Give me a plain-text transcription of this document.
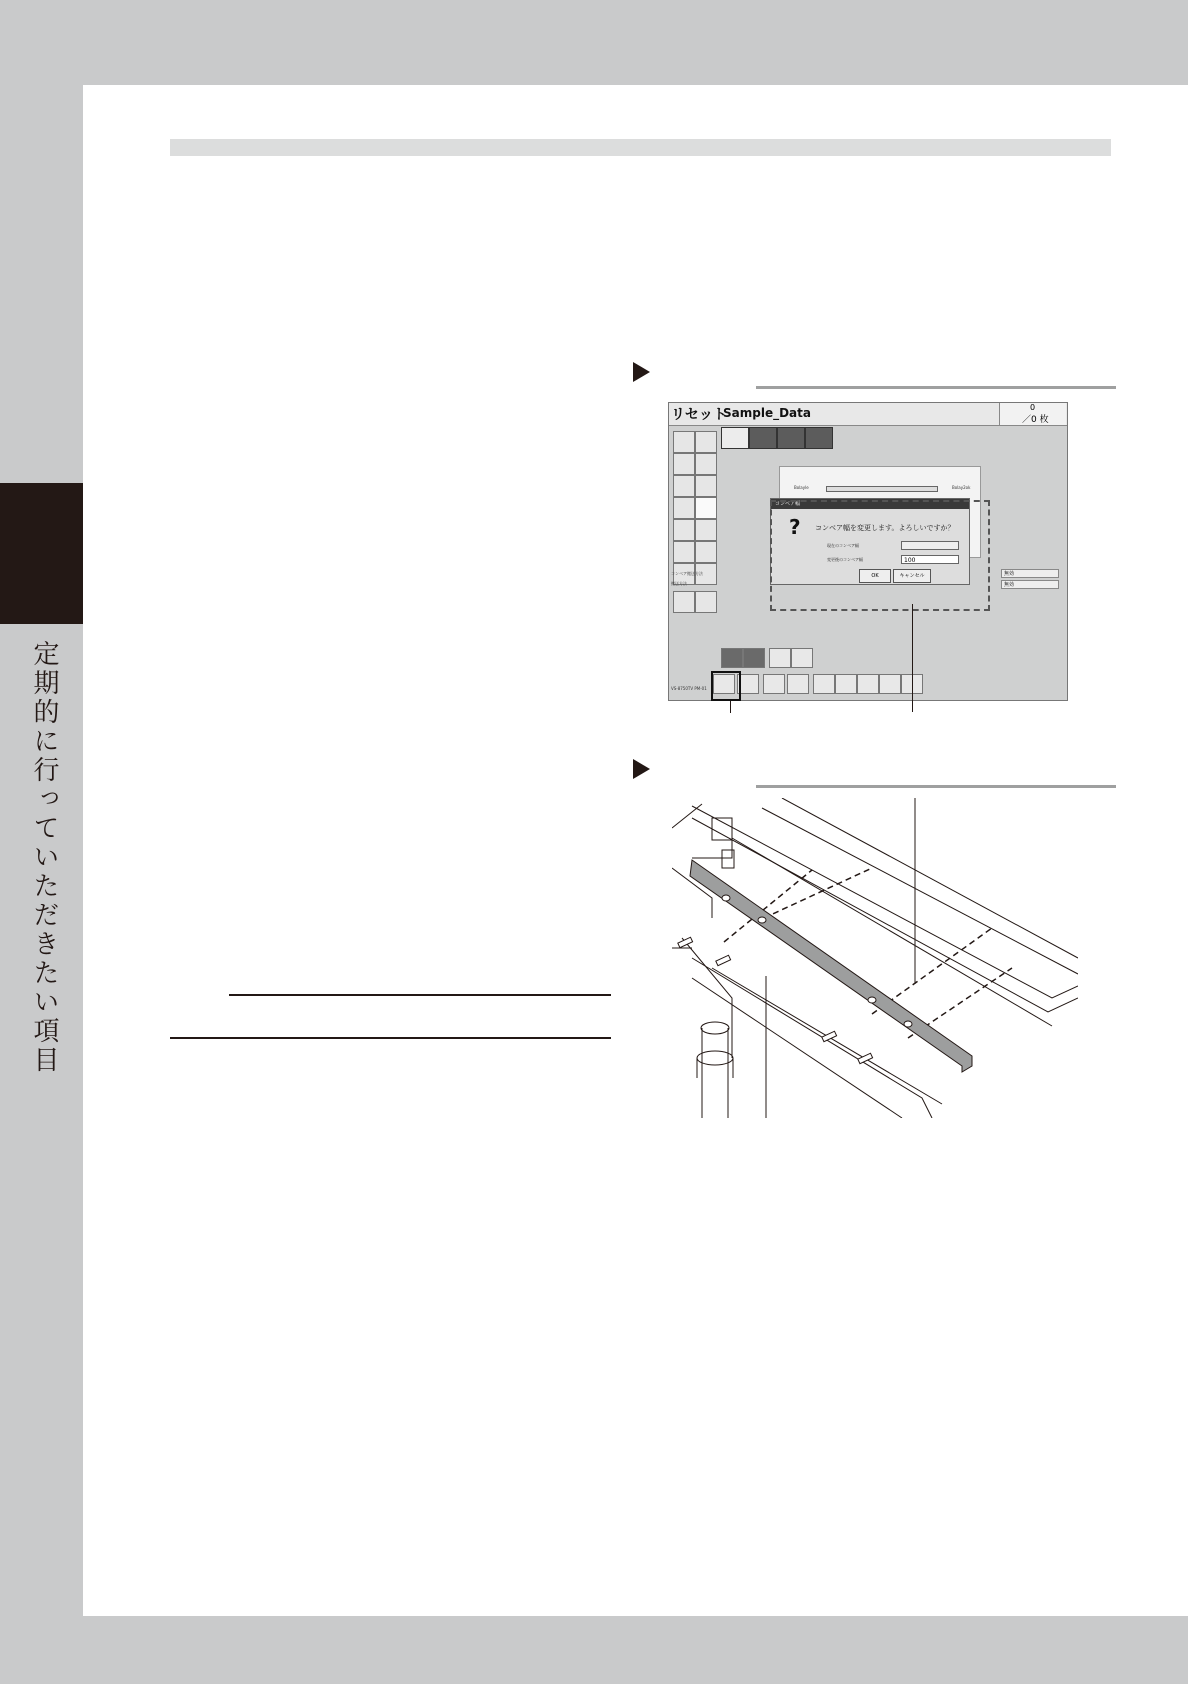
定期的に行っていただきたい項目
リセット
Sample_Data	0
／0 枚
Bolayle	Bolay2ok
コンベア搬送方法
搬送方法
無効
無効
コンベア幅
? コンベア幅を変更します。よろしいですか？
現在のコンベア幅
変更後のコンベア幅	100
OK	キャンセル
VS-8750TV PM-01
